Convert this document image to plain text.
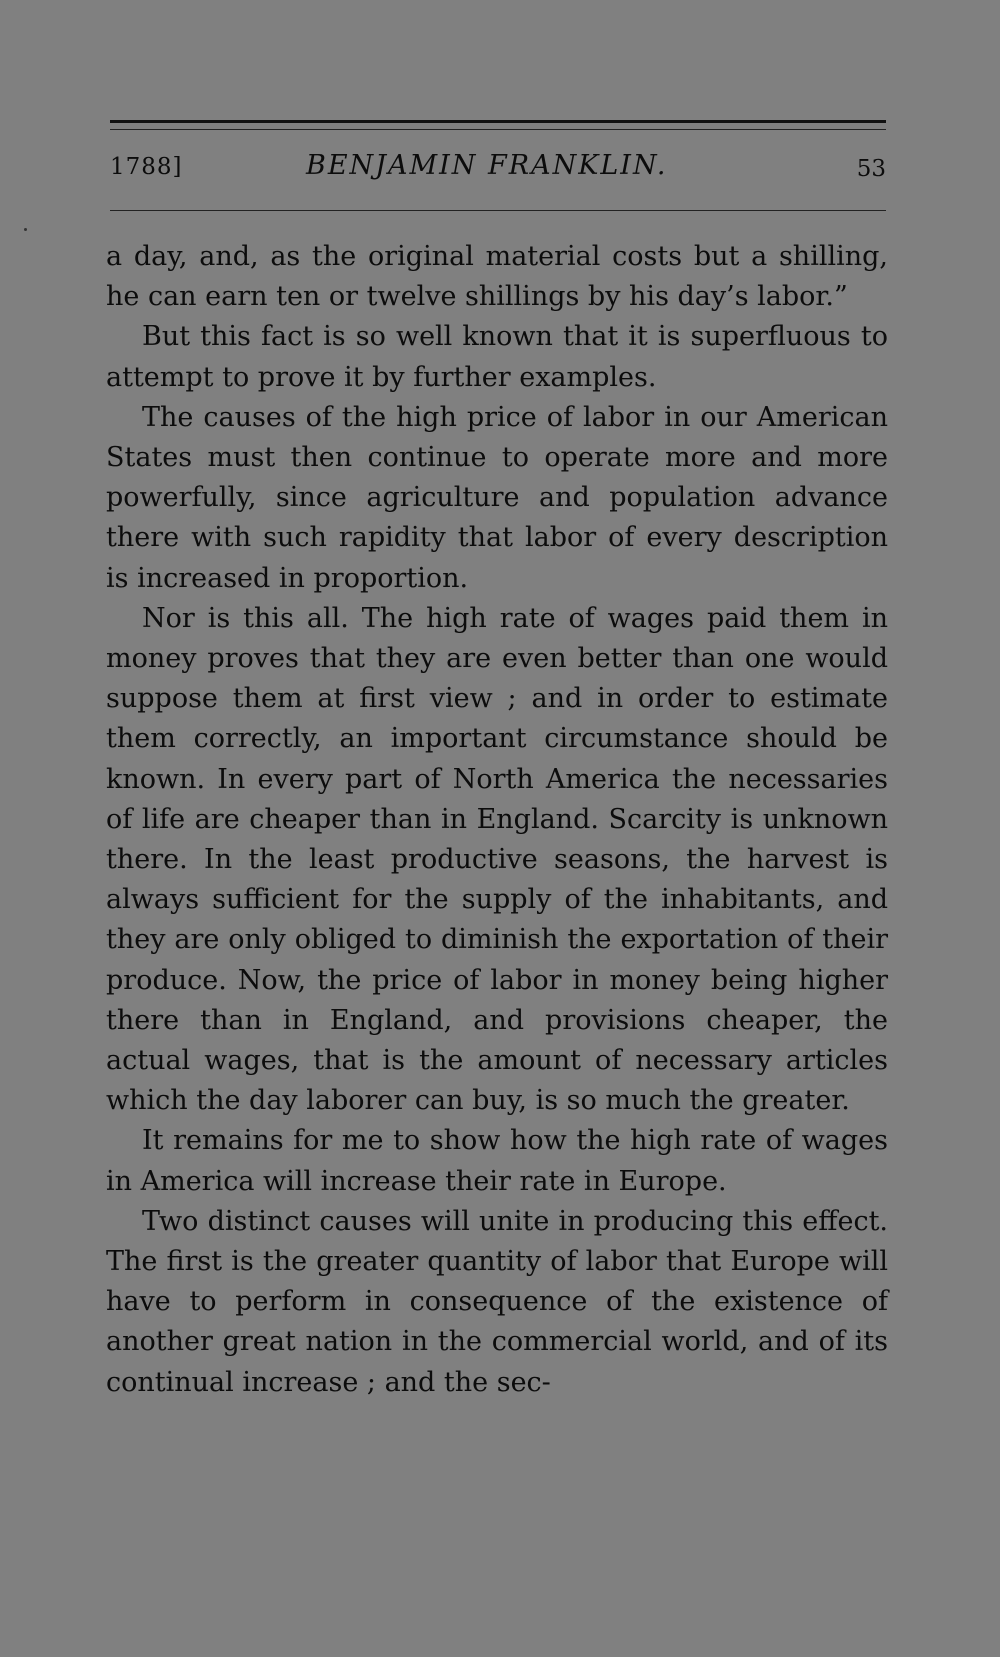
1788]	BENJAMIN FRANKLIN.	53

a day, and, as the original material costs but a shilling, he can earn ten or twelve shillings by his day’s labor.”

But this fact is so well known that it is superfluous to attempt to prove it by further examples.

The causes of the high price of labor in our American States must then continue to operate more and more powerfully, since agriculture and population advance there with such rapidity that labor of every description is increased in proportion.

Nor is this all. The high rate of wages paid them in money proves that they are even better than one would suppose them at first view ; and in order to estimate them correctly, an important circumstance should be known. In every part of North America the necessaries of life are cheaper than in England. Scarcity is unknown there. In the least productive seasons, the harvest is always sufficient for the supply of the inhabitants, and they are only obliged to diminish the exportation of their produce. Now, the price of labor in money being higher there than in England, and provisions cheaper, the actual wages, that is the amount of necessary articles which the day laborer can buy, is so much the greater.

It remains for me to show how the high rate of wages in America will increase their rate in Europe.

Two distinct causes will unite in producing this effect. The first is the greater quantity of labor that Europe will have to perform in consequence of the existence of another great nation in the commercial world, and of its continual increase ; and the sec-
